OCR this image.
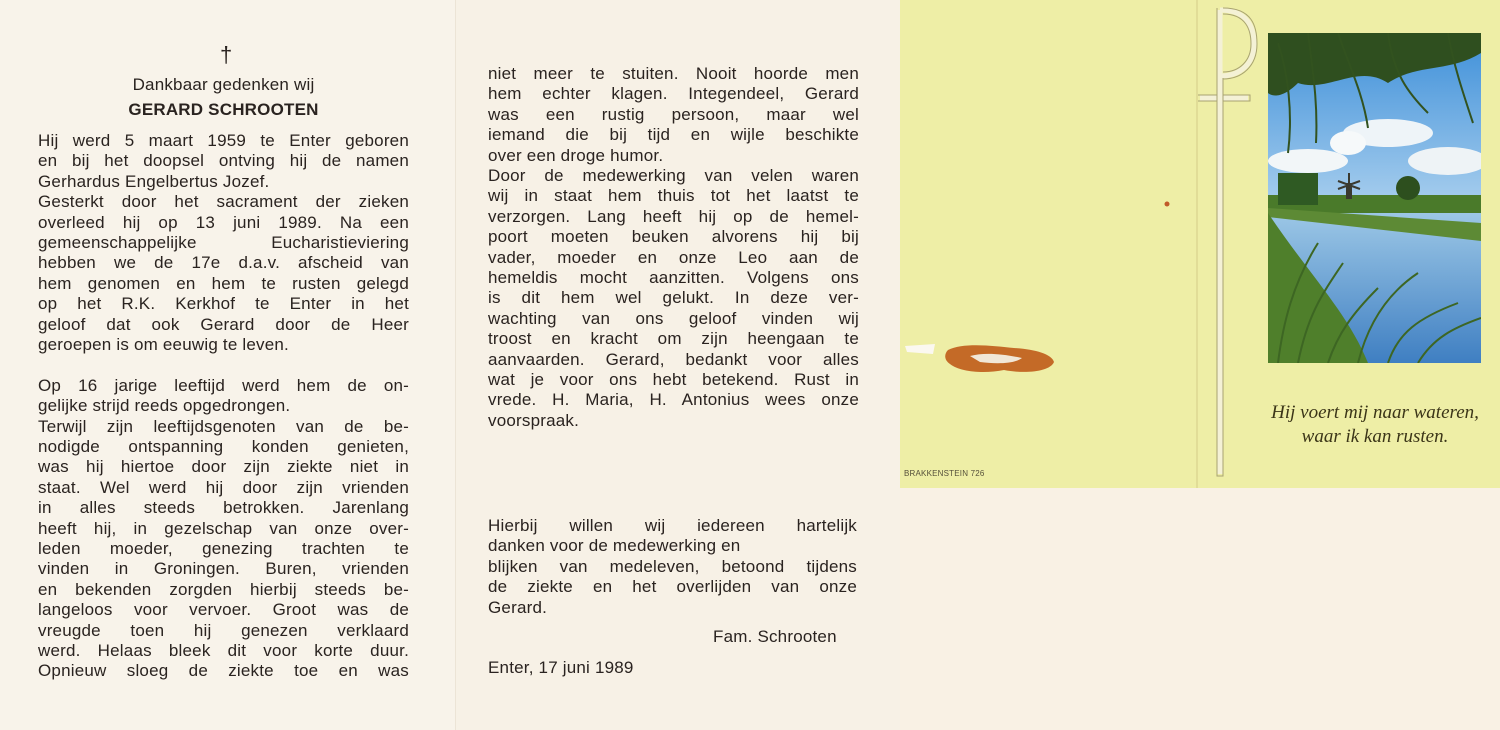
†
Dankbaar gedenken wij
GERARD SCHROOTEN
Hij werd 5 maart 1959 te Enter geboren
en bij het doopsel ontving hij de namen
Gerhardus Engelbertus Jozef.
Gesterkt door het sacrament der zieken
overleed hij op 13 juni 1989. Na een
gemeenschappelijke Eucharistieviering
hebben we de 17e d.a.v. afscheid van
hem genomen en hem te rusten gelegd
op het R.K. Kerkhof te Enter in het
geloof dat ook Gerard door de Heer
geroepen is om eeuwig te leven.
Op 16 jarige leeftijd werd hem de on-
gelijke strijd reeds opgedrongen.
Terwijl zijn leeftijdsgenoten van de be-
nodigde ontspanning konden genieten,
was hij hiertoe door zijn ziekte niet in
staat. Wel werd hij door zijn vrienden
in alles steeds betrokken. Jarenlang
heeft hij, in gezelschap van onze over-
leden moeder, genezing trachten te
vinden in Groningen. Buren, vrienden
en bekenden zorgden hierbij steeds be-
langeloos voor vervoer. Groot was de
vreugde toen hij genezen verklaard
werd. Helaas bleek dit voor korte duur.
Opnieuw sloeg de ziekte toe en was
niet meer te stuiten. Nooit hoorde men
hem echter klagen. Integendeel, Gerard
was een rustig persoon, maar wel
iemand die bij tijd en wijle beschikte
over een droge humor.
Door de medewerking van velen waren
wij in staat hem thuis tot het laatst te
verzorgen. Lang heeft hij op de hemel-
poort moeten beuken alvorens hij bij
vader, moeder en onze Leo aan de
hemeldis mocht aanzitten. Volgens ons
is dit hem wel gelukt. In deze ver-
wachting van ons geloof vinden wij
troost en kracht om zijn heengaan te
aanvaarden. Gerard, bedankt voor alles
wat je voor ons hebt betekend. Rust in
vrede. H. Maria, H. Antonius wees onze
voorspraak.
Hierbij willen wij iedereen hartelijk
danken voor de medewerking en
blijken van medeleven, betoond tijdens
de ziekte en het overlijden van onze
Gerard.
Fam. Schrooten
Enter, 17 juni 1989
Hij voert mij naar wateren,
waar ik kan rusten.
BRAKKENSTEIN 726
